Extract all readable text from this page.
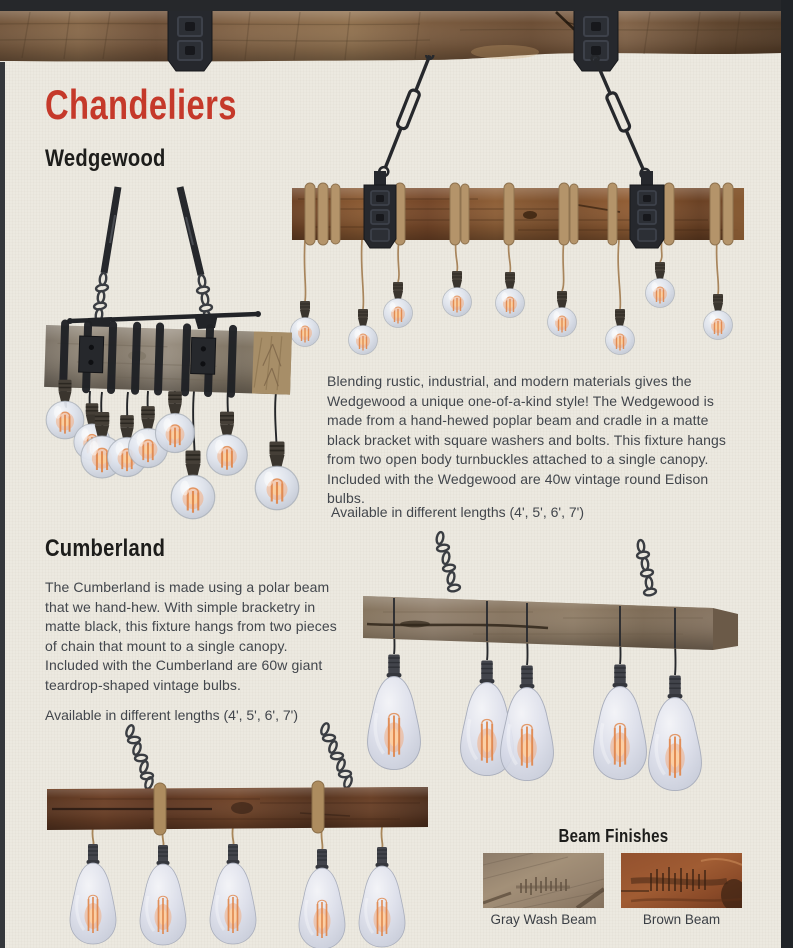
Chandeliers
Wedgewood

Blending rustic, industrial, and modern materials gives the Wedgewood a unique one-of-a-kind style! The Wedgewood is made from a hand-hewed poplar beam and cradle in a matte black bracket with square washers and bolts. This fixture hangs from two open body turnbuckles attached to a single canopy. Included with the Wedgewood are 40w vintage round Edison bulbs.

Available in different lengths (4', 5', 6', 7')

Cumberland

The Cumberland is made using a polar beam that we hand-hew. With simple bracketry in matte black, this fixture hangs from two pieces of chain that mount to a single canopy. Included with the Cumberland are 60w giant teardrop-shaped vintage bulbs.

Available in different lengths (4', 5', 6', 7')

Beam Finishes
Gray Wash Beam	Brown Beam
